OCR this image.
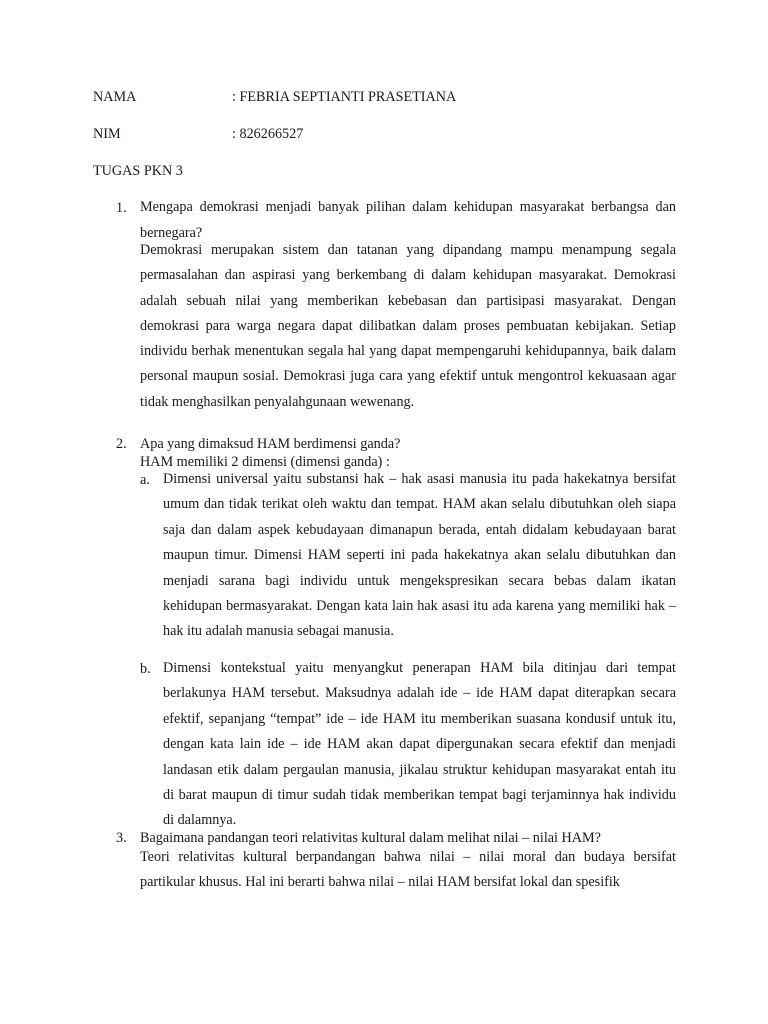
NAMA	: FEBRIA SEPTIANTI PRASETIANA
NIM	: 826266527
TUGAS PKN 3
1. Mengapa demokrasi menjadi banyak pilihan dalam kehidupan masyarakat berbangsa dan bernegara?

Demokrasi merupakan sistem dan tatanan yang dipandang mampu menampung segala permasalahan dan aspirasi yang berkembang di dalam kehidupan masyarakat. Demokrasi adalah sebuah nilai yang memberikan kebebasan dan partisipasi masyarakat. Dengan demokrasi para warga negara dapat dilibatkan dalam proses pembuatan kebijakan. Setiap individu berhak menentukan segala hal yang dapat mempengaruhi kehidupannya, baik dalam personal maupun sosial. Demokrasi juga cara yang efektif untuk mengontrol kekuasaan agar tidak menghasilkan penyalahgunaan wewenang.

2. Apa yang dimaksud HAM berdimensi ganda?

HAM memiliki 2 dimensi (dimensi ganda) :

a. Dimensi universal yaitu substansi hak – hak asasi manusia itu pada hakekatnya bersifat umum dan tidak terikat oleh waktu dan tempat. HAM akan selalu dibutuhkan oleh siapa saja dan dalam aspek kebudayaan dimanapun berada, entah didalam kebudayaan barat maupun timur. Dimensi HAM seperti ini pada hakekatnya akan selalu dibutuhkan dan menjadi sarana bagi individu untuk mengekspresikan secara bebas dalam ikatan kehidupan bermasyarakat. Dengan kata lain hak asasi itu ada karena yang memiliki hak – hak itu adalah manusia sebagai manusia.

b. Dimensi kontekstual yaitu menyangkut penerapan HAM bila ditinjau dari tempat berlakunya HAM tersebut. Maksudnya adalah ide – ide HAM dapat diterapkan secara efektif, sepanjang “tempat” ide – ide HAM itu memberikan suasana kondusif untuk itu, dengan kata lain ide – ide HAM akan dapat dipergunakan secara efektif dan menjadi landasan etik dalam pergaulan manusia, jikalau struktur kehidupan masyarakat entah itu di barat maupun di timur sudah tidak memberikan tempat bagi terjaminnya hak individu di dalamnya.

3. Bagaimana pandangan teori relativitas kultural dalam melihat nilai – nilai HAM?

Teori relativitas kultural berpandangan bahwa nilai – nilai moral dan budaya bersifat partikular khusus. Hal ini berarti bahwa nilai – nilai HAM bersifat lokal dan spesifik
